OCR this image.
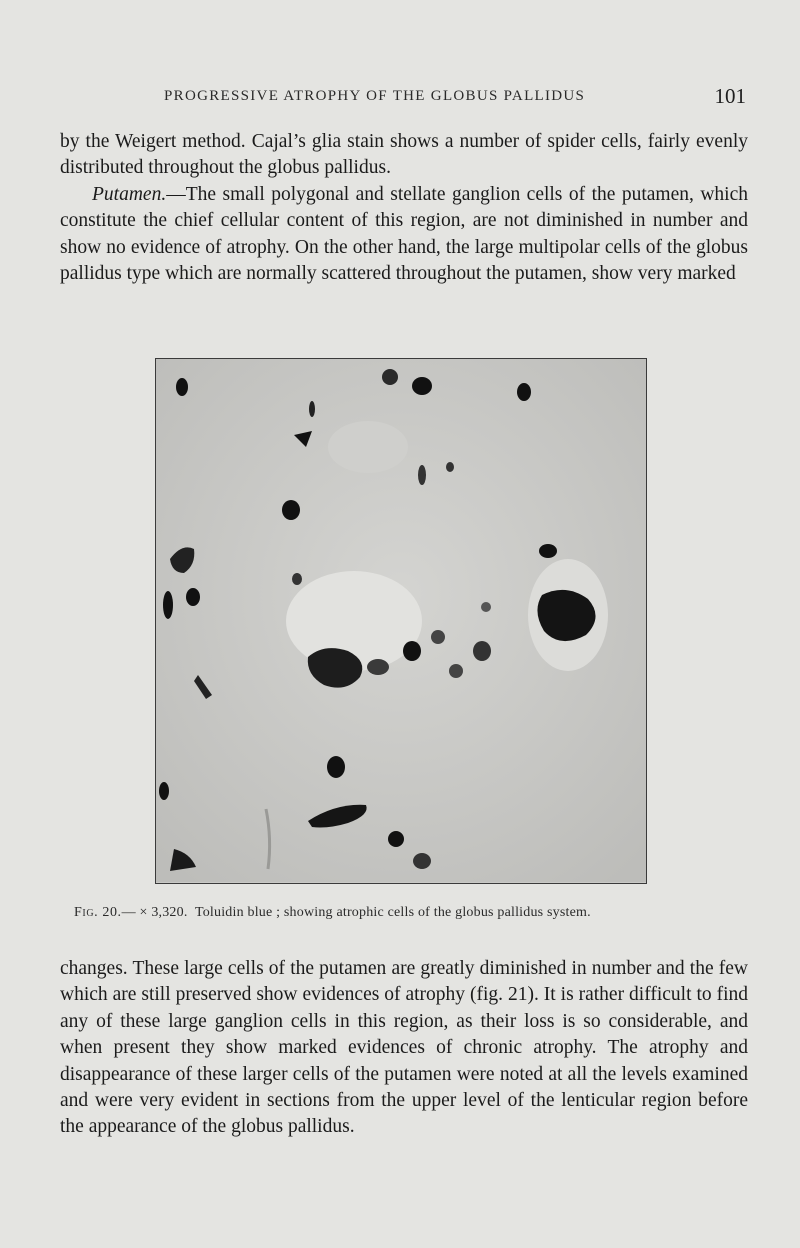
PROGRESSIVE ATROPHY OF THE GLOBUS PALLIDUS	101

by the Weigert method. Cajal’s glia stain shows a number of spider cells, fairly evenly distributed throughout the globus pallidus.

Putamen.—The small polygonal and stellate ganglion cells of the putamen, which constitute the chief cellular content of this region, are not diminished in number and show no evidence of atrophy. On the other hand, the large multipolar cells of the globus pallidus type which are normally scattered throughout the putamen, show very marked

Fig. 20.— × 3,320. Toluidin blue ; showing atrophic cells of the globus pallidus system.

changes. These large cells of the putamen are greatly diminished in number and the few which are still preserved show evidences of atrophy (fig. 21). It is rather difficult to find any of these large ganglion cells in this region, as their loss is so considerable, and when present they show marked evidences of chronic atrophy. The atrophy and disappearance of these larger cells of the putamen were noted at all the levels examined and were very evident in sections from the upper level of the lenticular region before the appearance of the globus pallidus.
